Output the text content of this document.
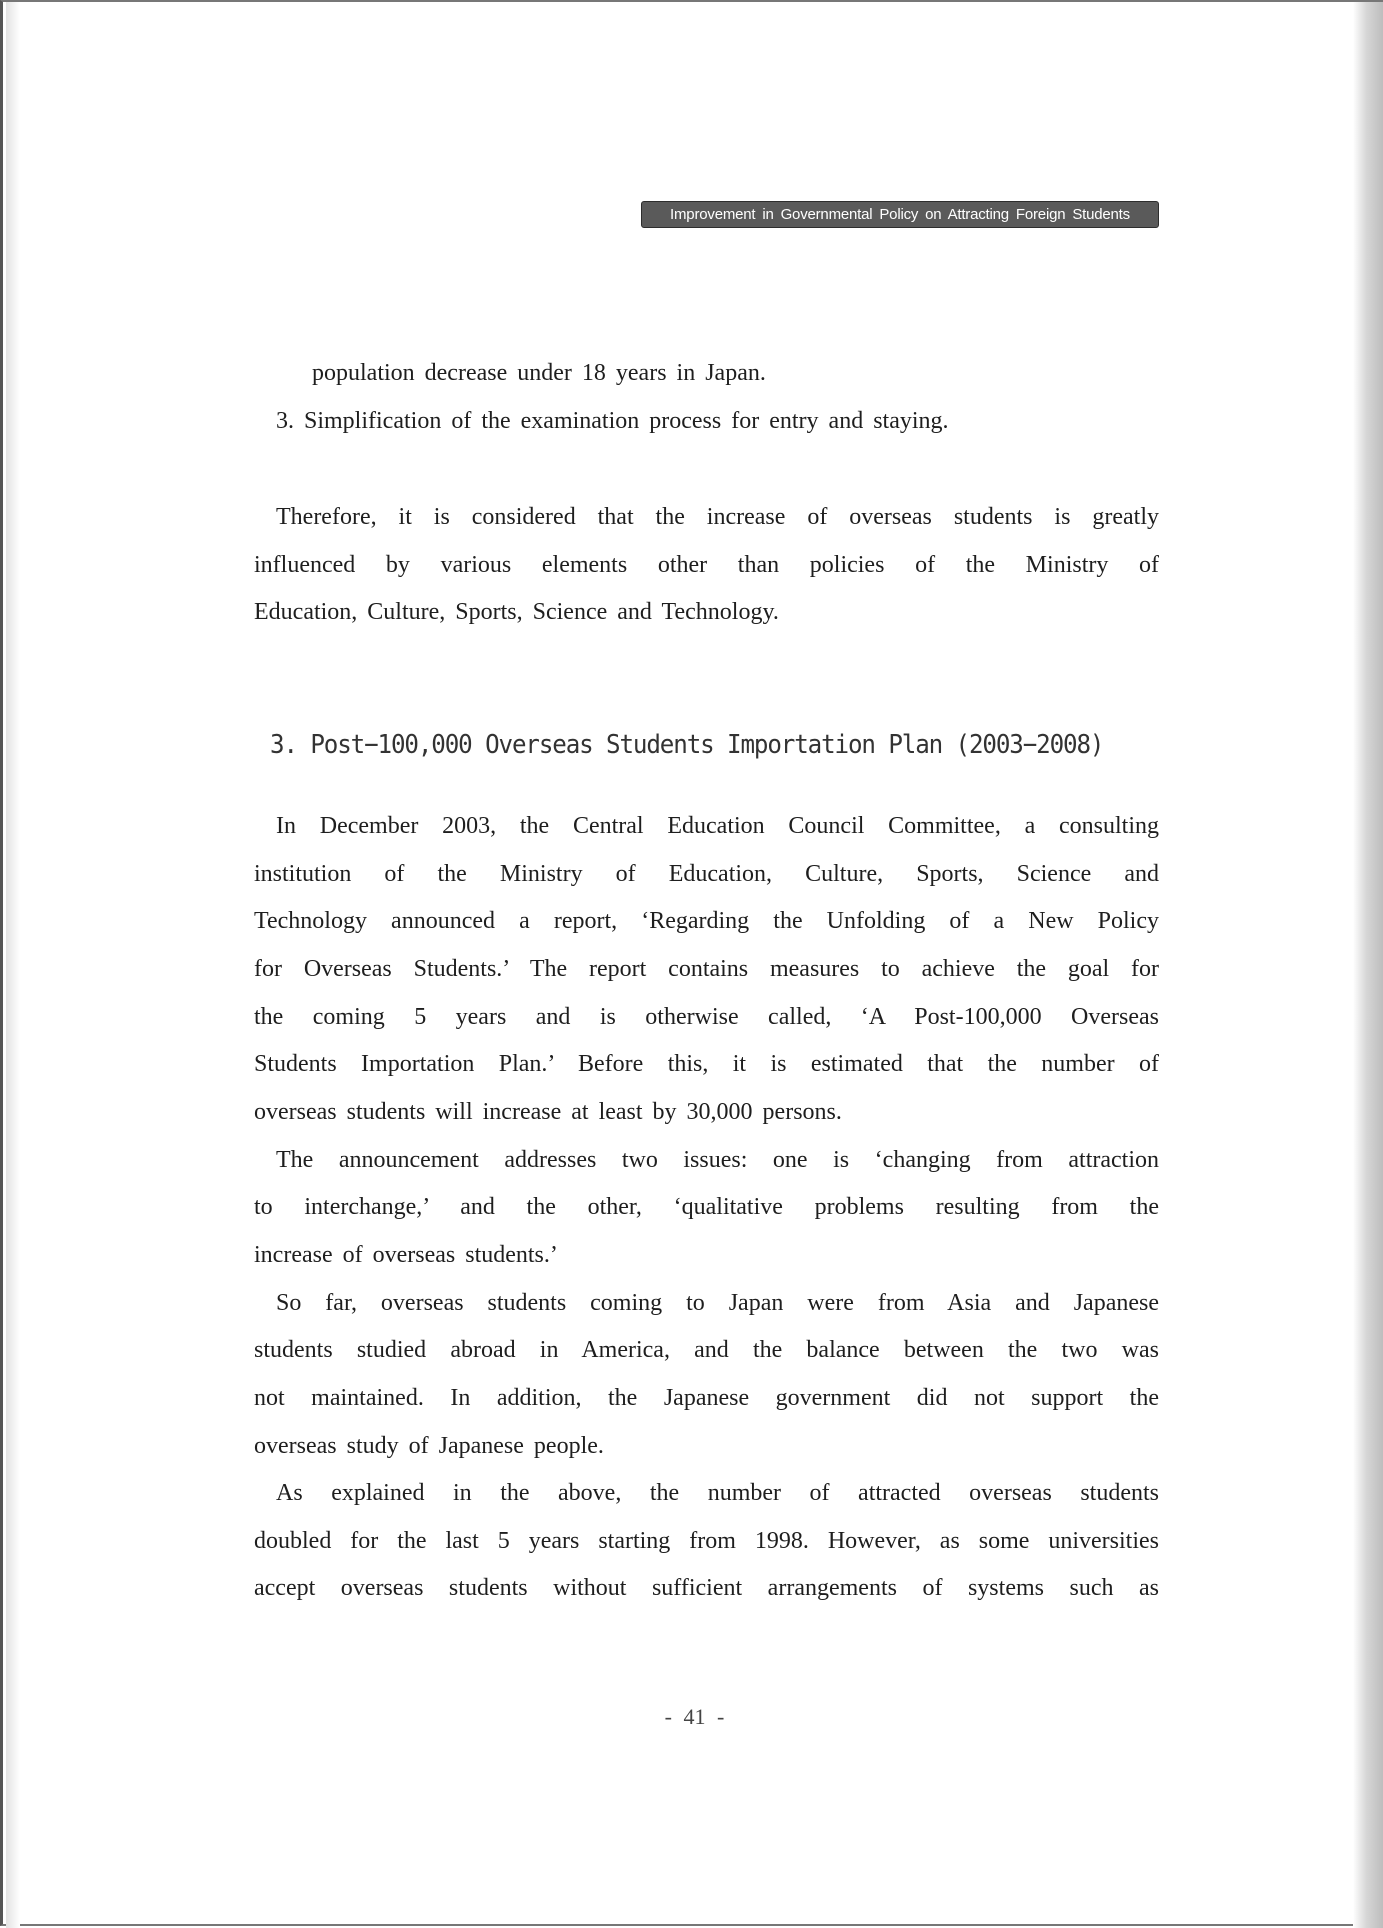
Improvement in Governmental Policy on Attracting Foreign Students
population decrease under 18 years in Japan.
3. Simplification of the examination process for entry and staying.
Therefore, it is considered that the increase of overseas students is greatly
influenced by various elements other than policies of the Ministry of
Education, Culture, Sports, Science and Technology.
In December 2003, the Central Education Council Committee, a consulting
institution of the Ministry of Education, Culture, Sports, Science and
Technology announced a report, ‘Regarding the Unfolding of a New Policy
for Overseas Students.’ The report contains measures to achieve the goal for
the coming 5 years and is otherwise called, ‘A Post-100,000 Overseas
Students Importation Plan.’ Before this, it is estimated that the number of
overseas students will increase at least by 30,000 persons.
The announcement addresses two issues: one is ‘changing from attraction
to interchange,’ and the other, ‘qualitative problems resulting from the
increase of overseas students.’
So far, overseas students coming to Japan were from Asia and Japanese
students studied abroad in America, and the balance between the two was
not maintained. In addition, the Japanese government did not support the
overseas study of Japanese people.
As explained in the above, the number of attracted overseas students
doubled for the last 5 years starting from 1998. However, as some universities
accept overseas students without sufficient arrangements of systems such as
3. Post−100,000 Overseas Students Importation Plan (2003−2008)
- 41 -
